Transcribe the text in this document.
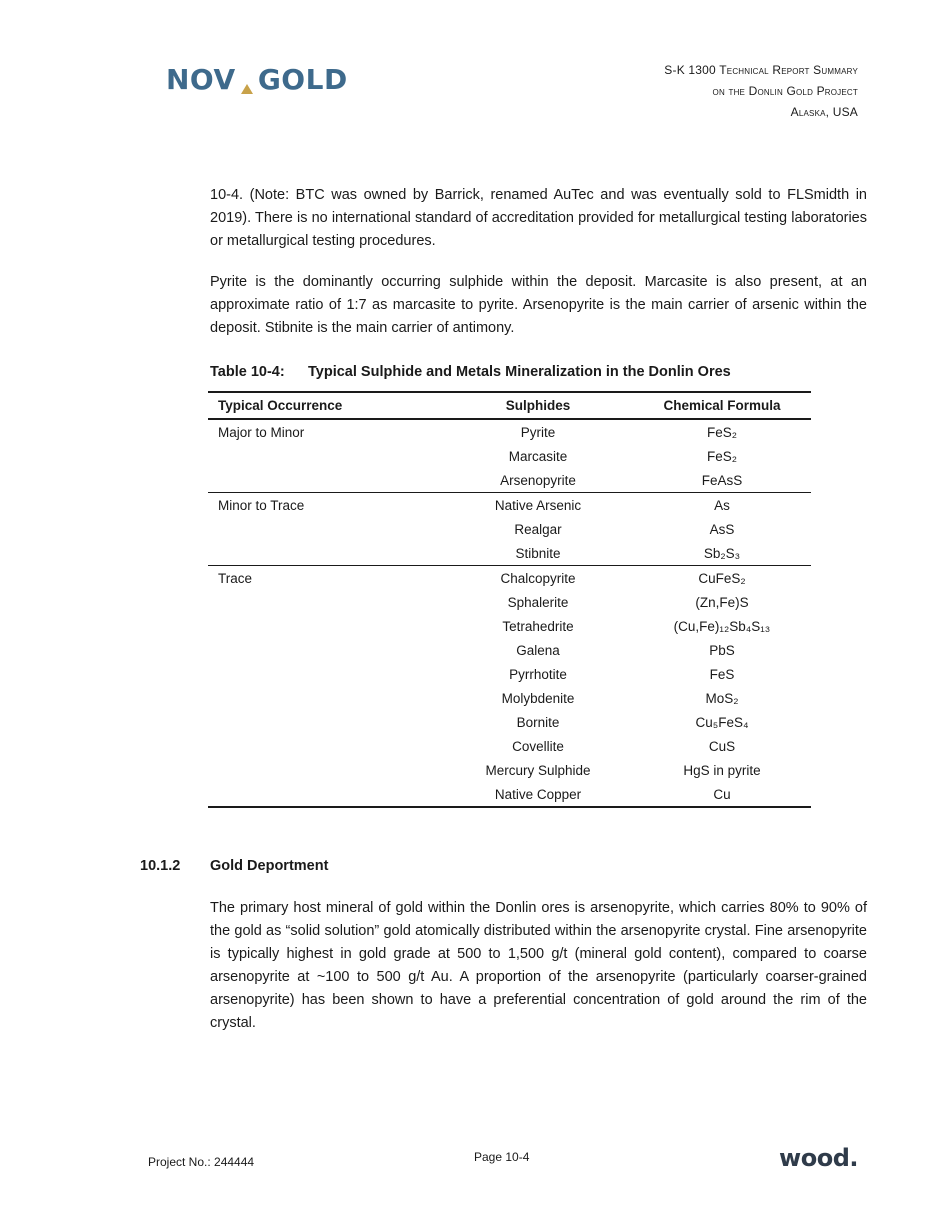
NOV GOLD	S-K 1300 Technical Report Summary
on the Donlin Gold Project
Alaska, USA

10-4. (Note: BTC was owned by Barrick, renamed AuTec and was eventually sold to FLSmidth in 2019). There is no international standard of accreditation provided for metallurgical testing laboratories or metallurgical testing procedures.

Pyrite is the dominantly occurring sulphide within the deposit. Marcasite is also present, at an approximate ratio of 1:7 as marcasite to pyrite. Arsenopyrite is the main carrier of arsenic within the deposit. Stibnite is the main carrier of antimony.

Table 10-4: Typical Sulphide and Metals Mineralization in the Donlin Ores
Typical Occurrence	Sulphides	Chemical Formula
Major to Minor	Pyrite	FeS₂
	Marcasite	FeS₂
	Arsenopyrite	FeAsS
Minor to Trace	Native Arsenic	As
	Realgar	AsS
	Stibnite	Sb₂S₃
Trace	Chalcopyrite	CuFeS₂
	Sphalerite	(Zn,Fe)S
	Tetrahedrite	(Cu,Fe)₁₂Sb₄S₁₃
	Galena	PbS
	Pyrrhotite	FeS
	Molybdenite	MoS₂
	Bornite	Cu₅FeS₄
	Covellite	CuS
	Mercury Sulphide	HgS in pyrite
	Native Copper	Cu
10.1.2 Gold Deportment

The primary host mineral of gold within the Donlin ores is arsenopyrite, which carries 80% to 90% of the gold as “solid solution” gold atomically distributed within the arsenopyrite crystal. Fine arsenopyrite is typically highest in gold grade at 500 to 1,500 g/t (mineral gold content), compared to coarse arsenopyrite at ~100 to 500 g/t Au. A proportion of the arsenopyrite (particularly coarser-grained arsenopyrite) has been shown to have a preferential concentration of gold around the rim of the crystal.

Project No.: 244444	Page 10-4	wood.
